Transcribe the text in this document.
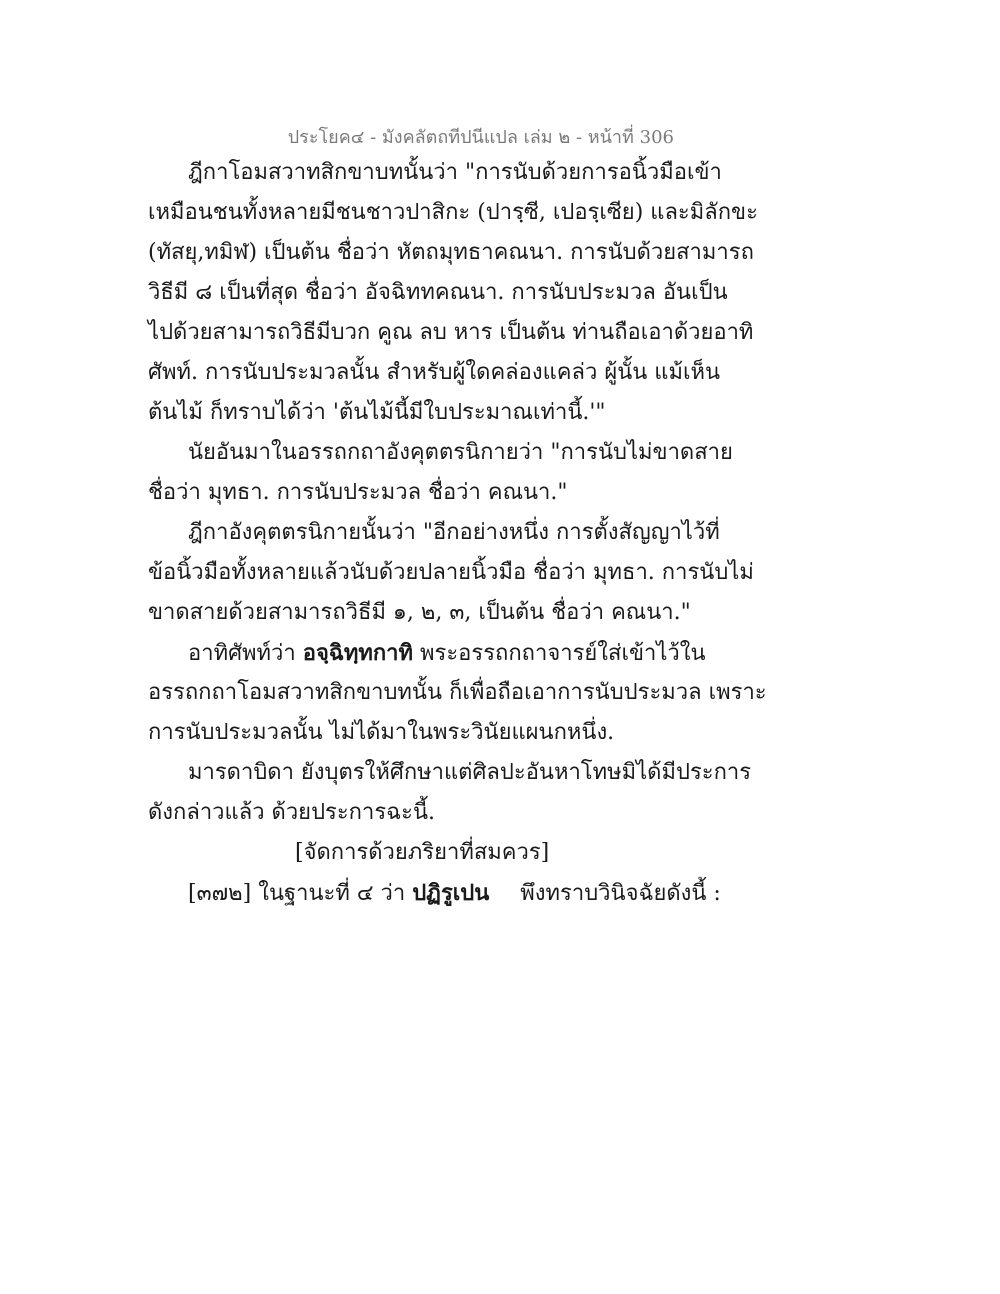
ประโยค๔ - มังคลัตถทีปนีแปล เล่ม ๒ - หน้าที่ 306
ฎีกาโอมสวาทสิกขาบทนั้นว่า "การนับด้วยการอนิ้วมือเข้า
เหมือนชนทั้งหลายมีชนชาวปาสิกะ (ปารฺซี, เปอรฺเซีย) และมิลักขะ
(ทัสยุ,ทมิฬ) เป็นต้น ชื่อว่า หัตถมุทธาคณนา. การนับด้วยสามารถ
วิธีมี ๘ เป็นที่สุด ชื่อว่า อัจฉิททคณนา. การนับประมวล อันเป็น
ไปด้วยสามารถวิธีมีบวก คูณ ลบ หาร เป็นต้น ท่านถือเอาด้วยอาทิ
ศัพท์. การนับประมวลนั้น สำหรับผู้ใดคล่องแคล่ว ผู้นั้น แม้เห็น
ต้นไม้ ก็ทราบได้ว่า 'ต้นไม้นี้มีใบประมาณเท่านี้.'"
นัยอันมาในอรรถกถาอังคุตตรนิกายว่า "การนับไม่ขาดสาย
ชื่อว่า มุทธา. การนับประมวล ชื่อว่า คณนา."
ฎีกาอังคุตตรนิกายนั้นว่า "อีกอย่างหนึ่ง การตั้งสัญญาไว้ที่
ข้อนิ้วมือทั้งหลายแล้วนับด้วยปลายนิ้วมือ ชื่อว่า มุทธา. การนับไม่
ขาดสายด้วยสามารถวิธีมี ๑, ๒, ๓, เป็นต้น ชื่อว่า คณนา."
อาทิศัพท์ว่า อจฺฉิทฺทกาทิ พระอรรถกถาจารย์ใส่เข้าไว้ใน
อรรถกถาโอมสวาทสิกขาบทนั้น ก็เพื่อถือเอาการนับประมวล เพราะ
การนับประมวลนั้น ไม่ได้มาในพระวินัยแผนกหนึ่ง.
มารดาบิดา ยังบุตรให้ศึกษาแต่ศิลปะอันหาโทษมิได้มีประการ
ดังกล่าวแล้ว ด้วยประการฉะนี้.
[จัดการด้วยภริยาที่สมควร]
[๓๗๒] ในฐานะที่ ๔ ว่า ปฏิรูเปน พึงทราบวินิจฉัยดังนี้ :
